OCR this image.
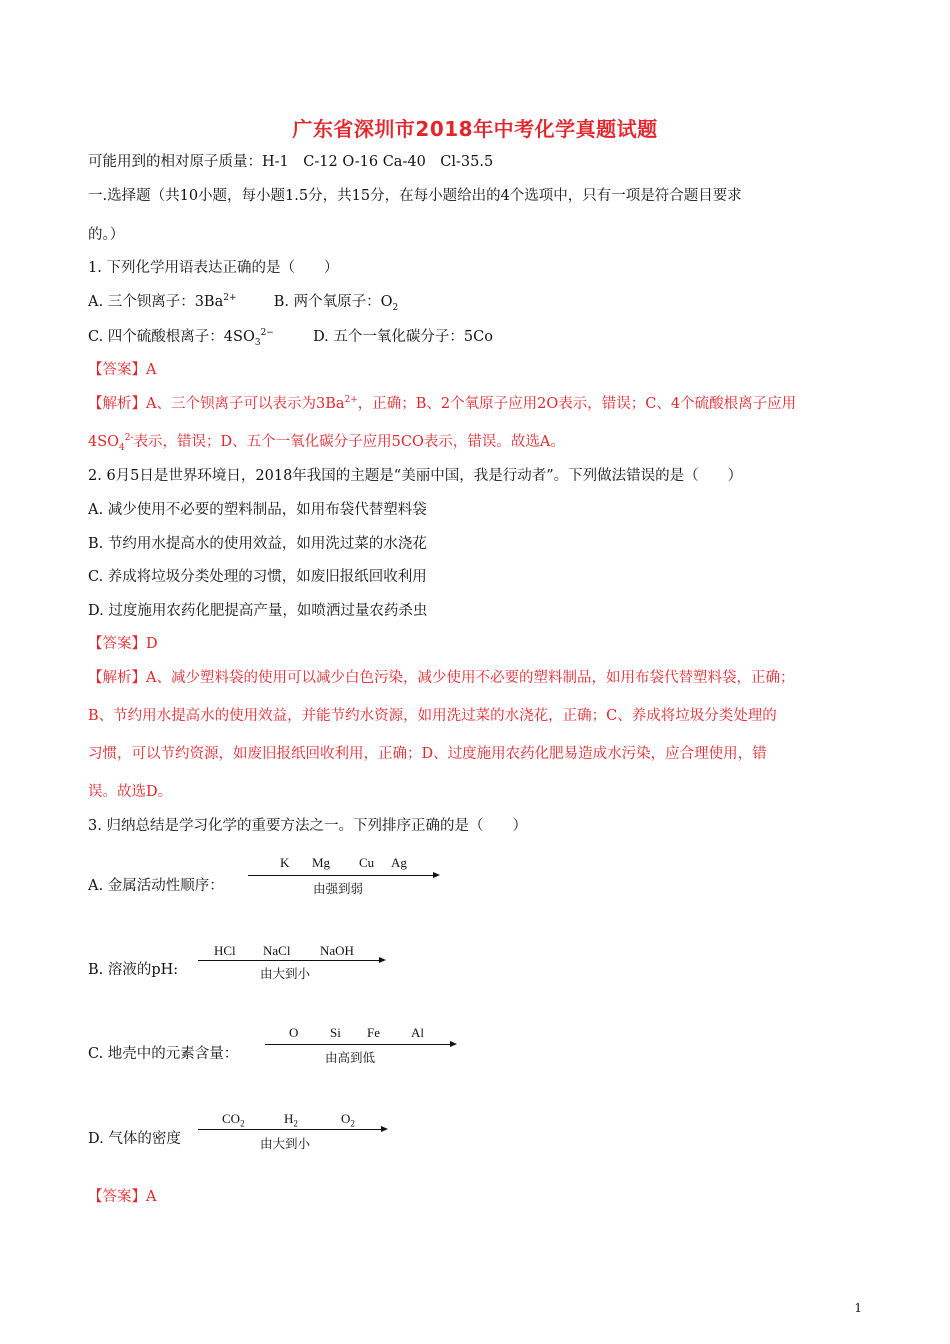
广东省深圳市2018年中考化学真题试题
可能用到的相对原子质量：H-1　C-12 O-16 Ca-40　Cl-35.5
一.选择题（共10小题，每小题1.5分，共15分，在每小题给出的4个选项中，只有一项是符合题目要求
的。）
1. 下列化学用语表达正确的是（　　）
A. 三个钡离子：$3Ba^{2+}$	B. 两个氧原子：$O_2$
C. 四个硫酸根离子：$4SO_3^{2-}$	D. 五个一氧化碳分子：5Co
【答案】A
【解析】A、三个钡离子可以表示为$3Ba^{2+}$，正确；B、2个氧原子应用2O表示，错误；C、4个硫酸根离子应用
$4SO_4^{2-}$表示，错误；D、五个一氧化碳分子应用5CO表示，错误。故选A。
2. 6月5日是世界环境日，2018年我国的主题是“美丽中国，我是行动者”。下列做法错误的是（　　）
A. 减少使用不必要的塑料制品，如用布袋代替塑料袋
B. 节约用水提高水的使用效益，如用洗过菜的水浇花
C. 养成将垃圾分类处理的习惯，如废旧报纸回收利用
D. 过度施用农药化肥提高产量，如喷洒过量农药杀虫
【答案】D
【解析】A、减少塑料袋的使用可以减少白色污染，减少使用不必要的塑料制品，如用布袋代替塑料袋，正确；
B、节约用水提高水的使用效益，并能节约水资源，如用洗过菜的水浇花，正确；C、养成将垃圾分类处理的
习惯，可以节约资源，如废旧报纸回收利用，正确；D、过度施用农药化肥易造成水污染，应合理使用，错
误。故选D。
3. 归纳总结是学习化学的重要方法之一。下列排序正确的是（　　）
A. 金属活动性顺序：
K Mg Cu Ag
由强到弱
B. 溶液的pH:
HCl NaCl NaOH
由大到小
C. 地壳中的元素含量：
O Si Fe Al
由高到低
D. 气体的密度
$CO_2$	$H_2$	$O_2$
由大到小
【答案】A
1
